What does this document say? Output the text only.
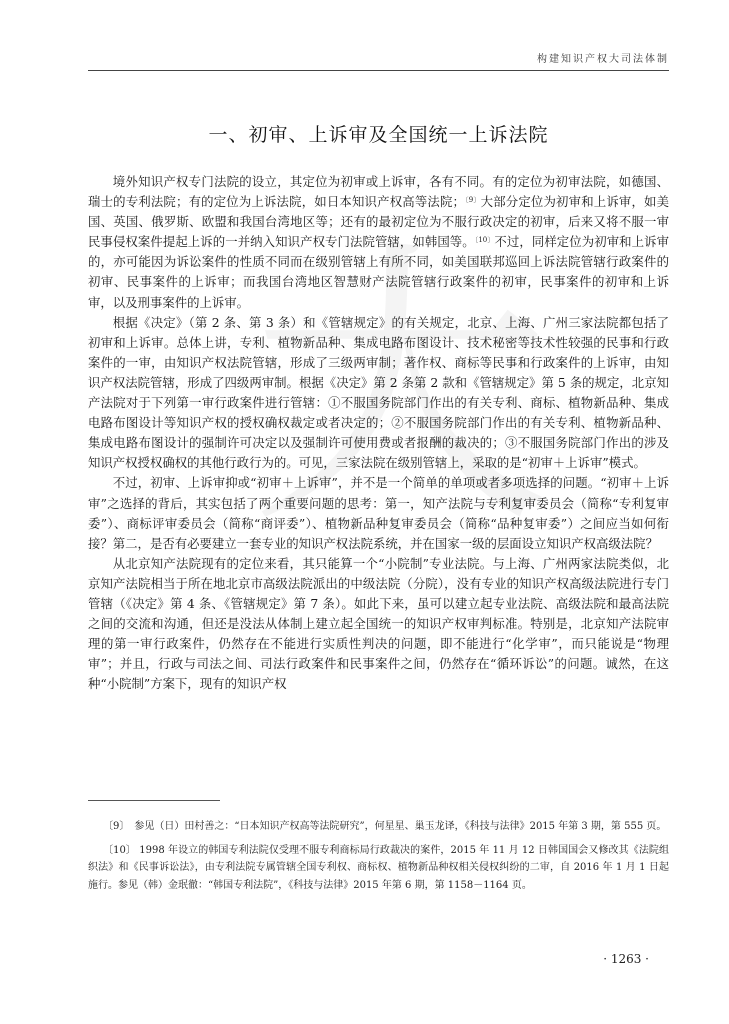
构建知识产权大司法体制
一、初审、上诉审及全国统一上诉法院

境外知识产权专门法院的设立，其定位为初审或上诉审，各有不同。有的定位为初审法院，如德国、瑞士的专利法院；有的定位为上诉法院，如日本知识产权高等法院；$^{〔9〕}$大部分定位为初审和上诉审，如美国、英国、俄罗斯、欧盟和我国台湾地区等；还有的最初定位为不服行政决定的初审，后来又将不服一审民事侵权案件提起上诉的一并纳入知识产权专门法院管辖，如韩国等。$^{〔10〕}$不过，同样定位为初审和上诉审的，亦可能因为诉讼案件的性质不同而在级别管辖上有所不同，如美国联邦巡回上诉法院管辖行政案件的初审、民事案件的上诉审；而我国台湾地区智慧财产法院管辖行政案件的初审，民事案件的初审和上诉审，以及刑事案件的上诉审。

根据《决定》（第 2 条、第 3 条）和《管辖规定》的有关规定，北京、上海、广州三家法院都包括了初审和上诉审。总体上讲，专利、植物新品种、集成电路布图设计、技术秘密等技术性较强的民事和行政案件的一审，由知识产权法院管辖，形成了三级两审制；著作权、商标等民事和行政案件的上诉审，由知识产权法院管辖，形成了四级两审制。根据《决定》第 2 条第 2 款和《管辖规定》第 5 条的规定，北京知产法院对于下列第一审行政案件进行管辖：①不服国务院部门作出的有关专利、商标、植物新品种、集成电路布图设计等知识产权的授权确权裁定或者决定的；②不服国务院部门作出的有关专利、植物新品种、集成电路布图设计的强制许可决定以及强制许可使用费或者报酬的裁决的；③不服国务院部门作出的涉及知识产权授权确权的其他行政行为的。可见，三家法院在级别管辖上，采取的是“初审＋上诉审”模式。

不过，初审、上诉审抑或“初审＋上诉审”，并不是一个简单的单项或者多项选择的问题。“初审＋上诉审”之选择的背后，其实包括了两个重要问题的思考：第一，知产法院与专利复审委员会（简称“专利复审委”）、商标评审委员会（简称“商评委”）、植物新品种复审委员会（简称“品种复审委”）之间应当如何衔接？第二，是否有必要建立一套专业的知识产权法院系统，并在国家一级的层面设立知识产权高级法院？

从北京知产法院现有的定位来看，其只能算一个“小院制”专业法院。与上海、广州两家法院类似，北京知产法院相当于所在地北京市高级法院派出的中级法院（分院），没有专业的知识产权高级法院进行专门管辖（《决定》第 4 条、《管辖规定》第 7 条）。如此下来，虽可以建立起专业法院、高级法院和最高法院之间的交流和沟通，但还是没法从体制上建立起全国统一的知识产权审判标准。特别是，北京知产法院审理的第一审行政案件，仍然存在不能进行实质性判决的问题，即不能进行“化学审”，而只能说是“物理审”；并且，行政与司法之间、司法行政案件和民事案件之间，仍然存在“循环诉讼”的问题。诚然，在这种“小院制”方案下，现有的知识产权

〔9〕　参见（日）田村善之：“日本知识产权高等法院研究”，何星星、巢玉龙译，《科技与法律》2015 年第 3 期，第 555 页。

〔10〕 1998 年设立的韩国专利法院仅受理不服专利商标局行政裁决的案件，2015 年 11 月 12 日韩国国会又修改其《法院组织法》和《民事诉讼法》，由专利法院专属管辖全国专利权、商标权、植物新品种权相关侵权纠纷的二审，自 2016 年 1 月 1 日起施行。参见（韩）金珉徹：“韩国专利法院”，《科技与法律》2015 年第 6 期，第 1158－1164 页。

· 1263 ·
